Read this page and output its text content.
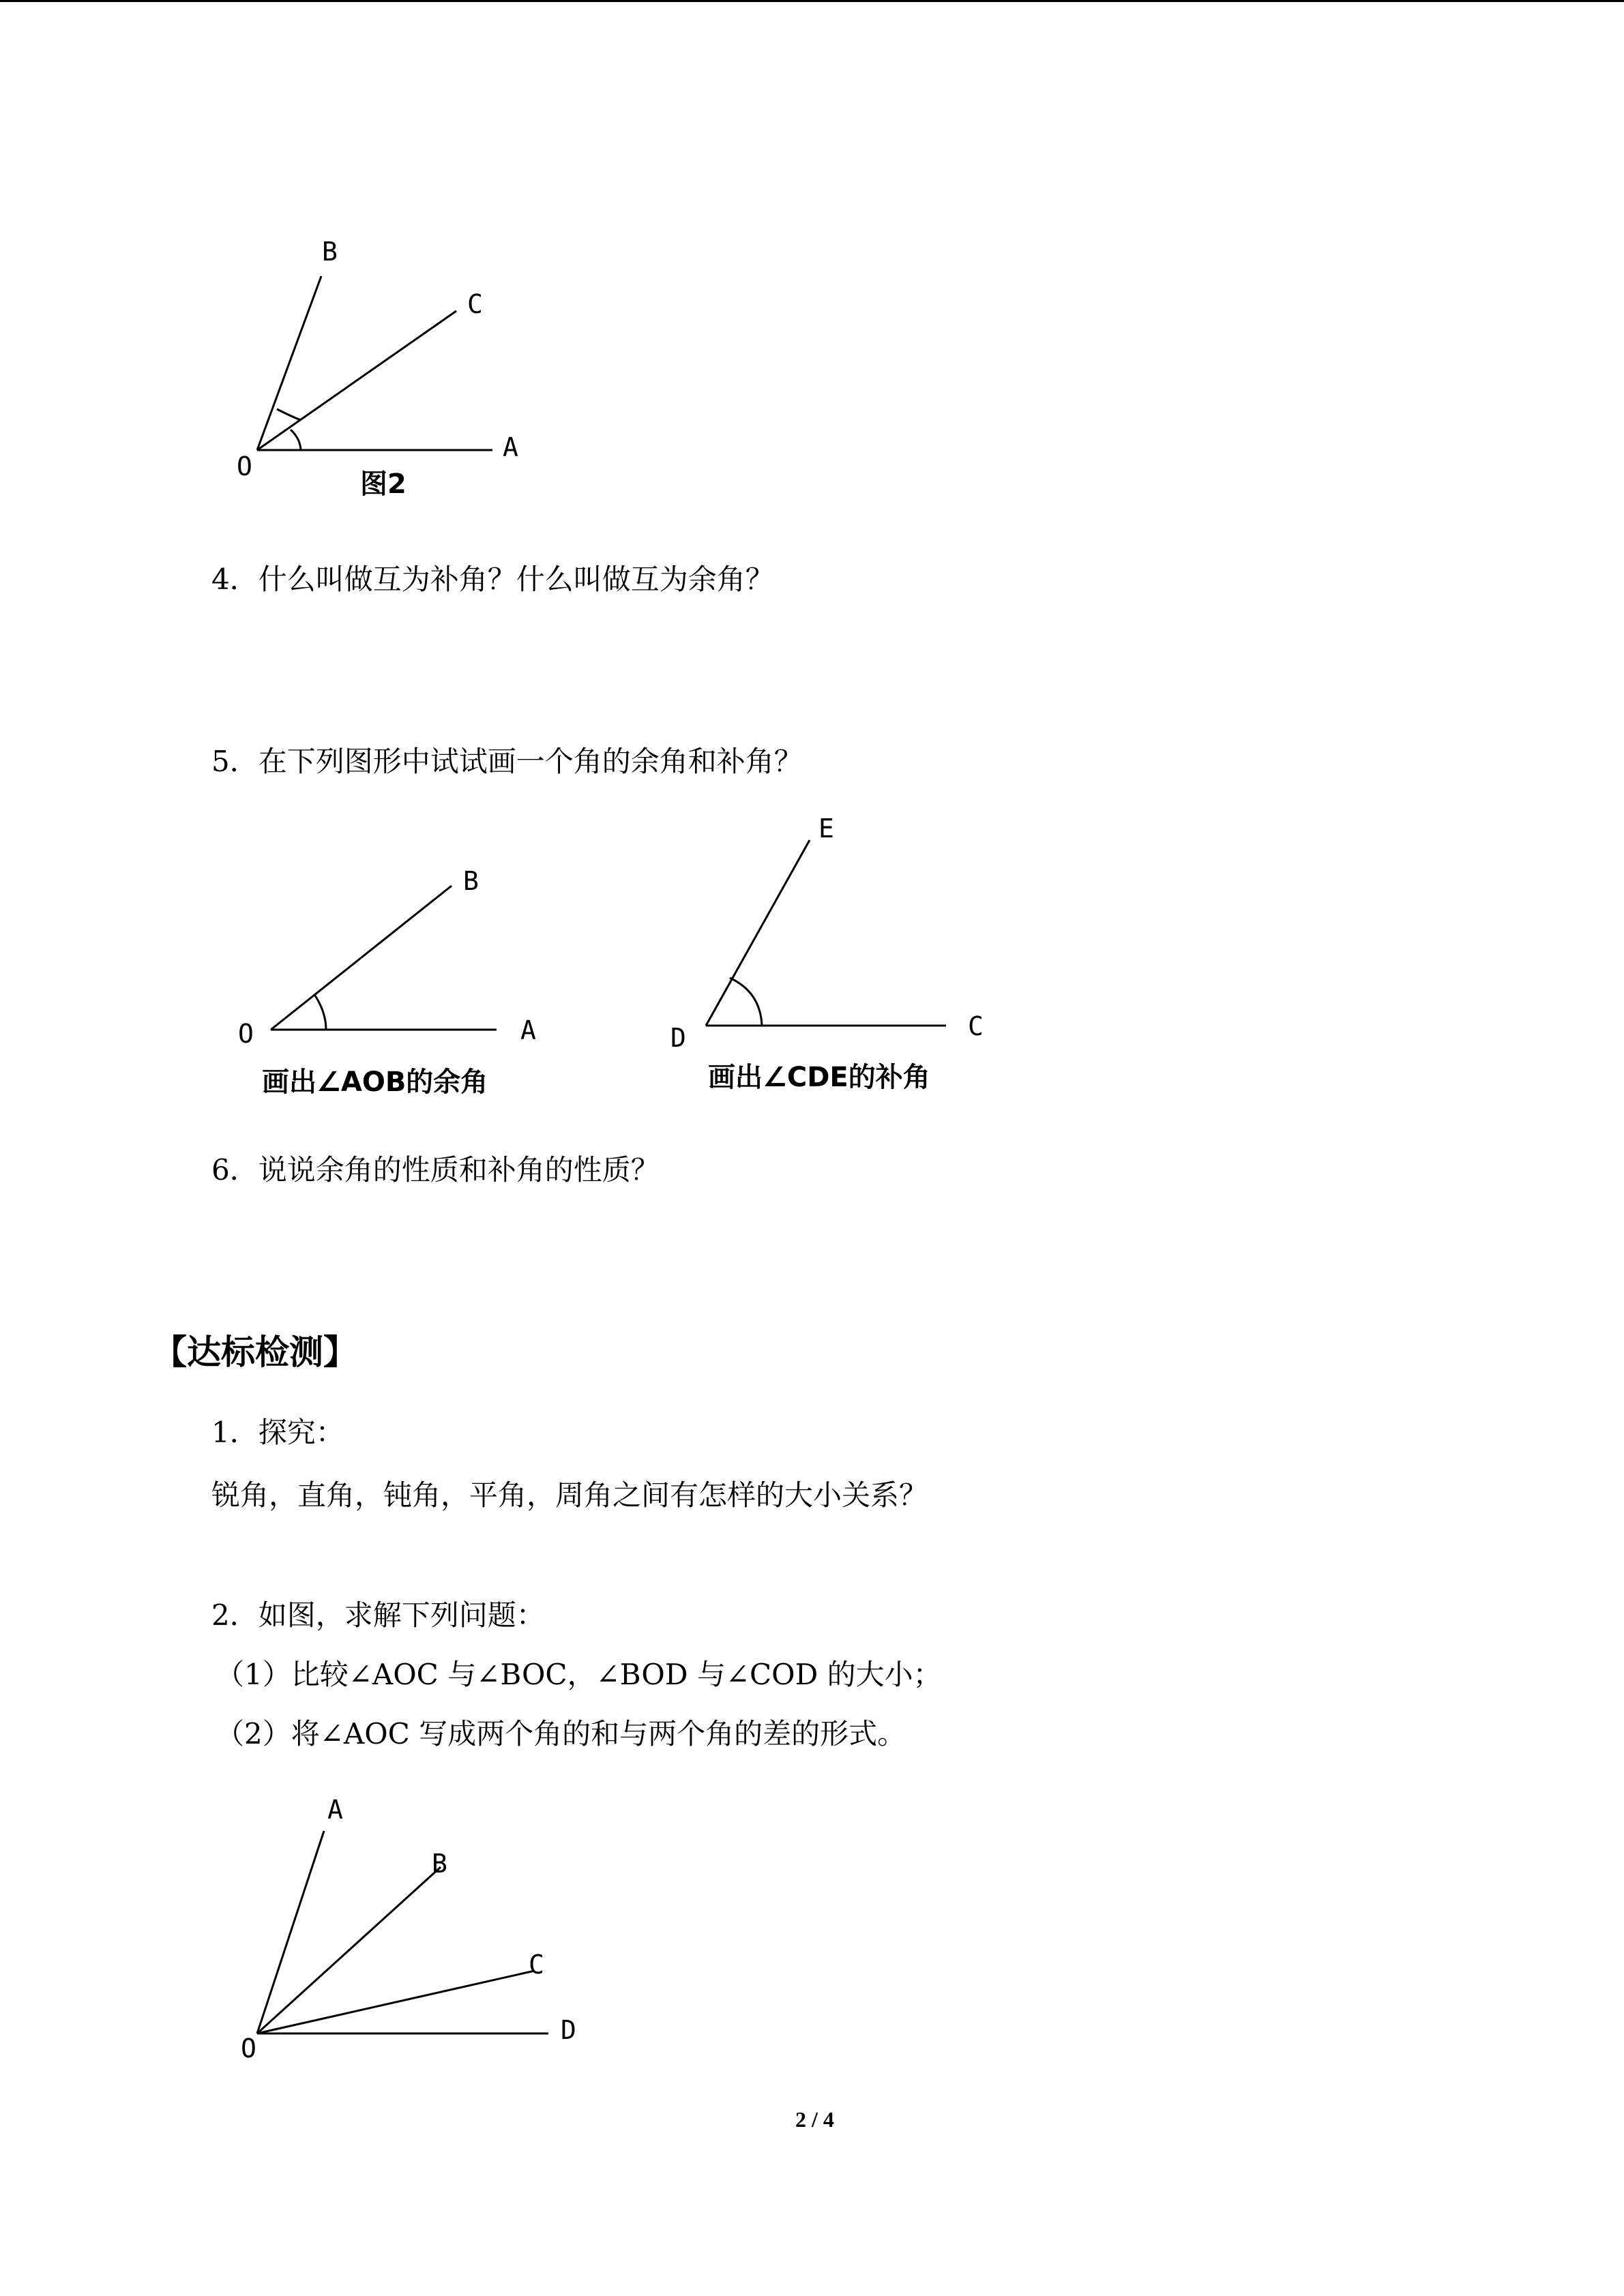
B
C
O
A
图2
4．什么叫做互为补角？什么叫做互为余角？
5．在下列图形中试试画一个角的余角和补角？
B
O	A
画出∠AOB的余角
E
D	C
画出∠CDE的补角
6．说说余角的性质和补角的性质？
【达标检测】
1．探究：
锐角，直角，钝角，平角，周角之间有怎样的大小关系？
2．如图，求解下列问题：
（1）比较∠AOC 与∠BOC，∠BOD 与∠COD 的大小；
（2）将∠AOC 写成两个角的和与两个角的差的形式。
A
B
C
D
O
2 / 4
